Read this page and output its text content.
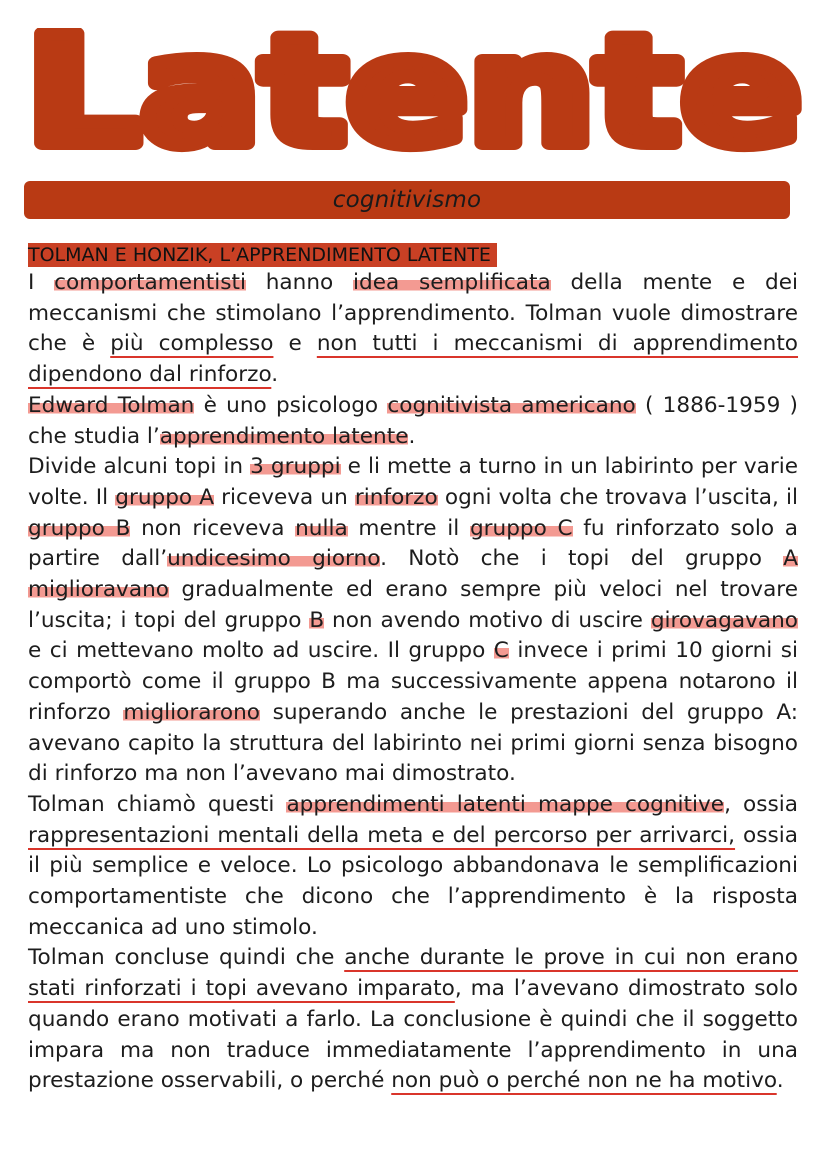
Latente
cognitivismo
TOLMAN E HONZIK, L’APPRENDIMENTO LATENTE

I comportamentisti hanno idea semplificata della mente e dei meccanismi che stimolano l’apprendimento. Tolman vuole dimostrare che è più complesso e non tutti i meccanismi di apprendimento dipendono dal rinforzo.

Edward Tolman è uno psicologo cognitivista americano ( 1886-1959 ) che studia l’apprendimento latente.

Divide alcuni topi in 3 gruppi e li mette a turno in un labirinto per varie volte. Il gruppo A riceveva un rinforzo ogni volta che trovava l’uscita, il gruppo B non riceveva nulla mentre il gruppo C fu rinforzato solo a partire dall’undicesimo giorno. Notò che i topi del gruppo A miglioravano gradualmente ed erano sempre più veloci nel trovare l’uscita; i topi del gruppo B non avendo motivo di uscire girovagavano e ci mettevano molto ad uscire. Il gruppo C invece i primi 10 giorni si comportò come il gruppo B ma successivamente appena notarono il rinforzo migliorarono superando anche le prestazioni del gruppo A: avevano capito la struttura del labirinto nei primi giorni senza bisogno di rinforzo ma non l’avevano mai dimostrato.

Tolman chiamò questi apprendimenti latenti mappe cognitive, ossia rappresentazioni mentali della meta e del percorso per arrivarci, ossia il più semplice e veloce. Lo psicologo abbandonava le semplificazioni comportamentiste che dicono che l’apprendimento è la risposta meccanica ad uno stimolo.

Tolman concluse quindi che anche durante le prove in cui non erano stati rinforzati i topi avevano imparato, ma l’avevano dimostrato solo quando erano motivati a farlo. La conclusione è quindi che il soggetto impara ma non traduce immediatamente l’apprendimento in una prestazione osservabili, o perché non può o perché non ne ha motivo.
